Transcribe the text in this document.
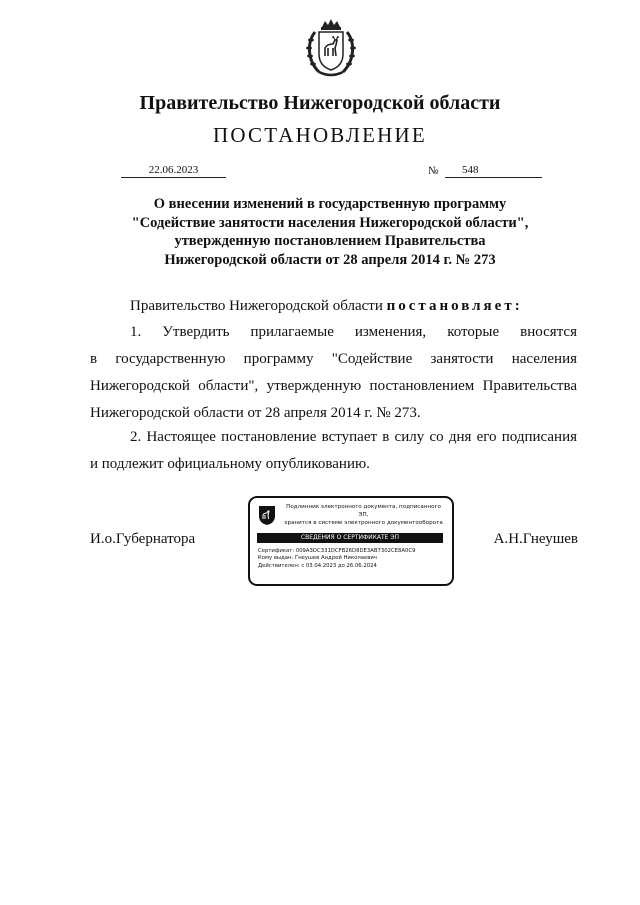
Правительство Нижегородской области
ПОСТАНОВЛЕНИЕ
22.06.2023	№	548
О внесении изменений в государственную программу
"Содействие занятости населения Нижегородской области",
утвержденную постановлением Правительства
Нижегородской области от 28 апреля 2014 г. № 273
Правительство Нижегородской области постановляет:
1. Утвердить прилагаемые изменения, которые вносятся
в государственную программу "Содействие занятости населения
Нижегородской области", утвержденную постановлением Правительства
Нижегородской области от 28 апреля 2014 г. № 273.
2. Настоящее постановление вступает в силу со дня его подписания
и подлежит официальному опубликованию.
И.о.Губернатора	А.Н.Гнеушев
Подлинник электронного документа, подписанного ЭП,
хранится в системе электронного документооборота
СВЕДЕНИЯ О СЕРТИФИКАТЕ ЭП
Сертификат: 009A3DC331DCFB26D8DE3AB7302CE8A0C9
Кому выдан: Гнеушев Андрей Николаевич
Действителен: с 03.04.2023 до 26.06.2024
